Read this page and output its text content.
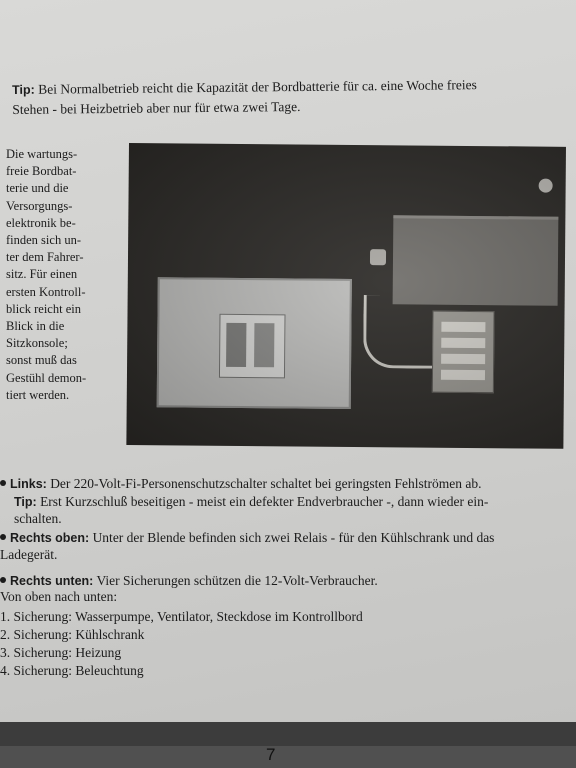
Tip: Bei Normalbetrieb reicht die Kapazität der Bordbatterie für ca. eine Woche freies
Stehen - bei Heizbetrieb aber nur für etwa zwei Tage.
Die wartungs-
freie Bordbat-
terie und die
Versorgungs-
elektronik be-
finden sich un-
ter dem Fahrer-
sitz. Für einen
ersten Kontroll-
blick reicht ein
Blick in die
Sitzkonsole;
sonst muß das
Gestühl demon-
tiert werden.
Links: Der 220-Volt-Fi-Personenschutzschalter schaltet bei geringsten Fehlströmen ab.
Tip: Erst Kurzschluß beseitigen - meist ein defekter Endverbraucher -, dann wieder ein-
schalten.
Rechts oben: Unter der Blende befinden sich zwei Relais - für den Kühlschrank und das
Ladegerät.
Rechts unten: Vier Sicherungen schützen die 12-Volt-Verbraucher.
Von oben nach unten:
1. Sicherung: Wasserpumpe, Ventilator, Steckdose im Kontrollbord
2. Sicherung: Kühlschrank
3. Sicherung: Heizung
4. Sicherung: Beleuchtung
7
